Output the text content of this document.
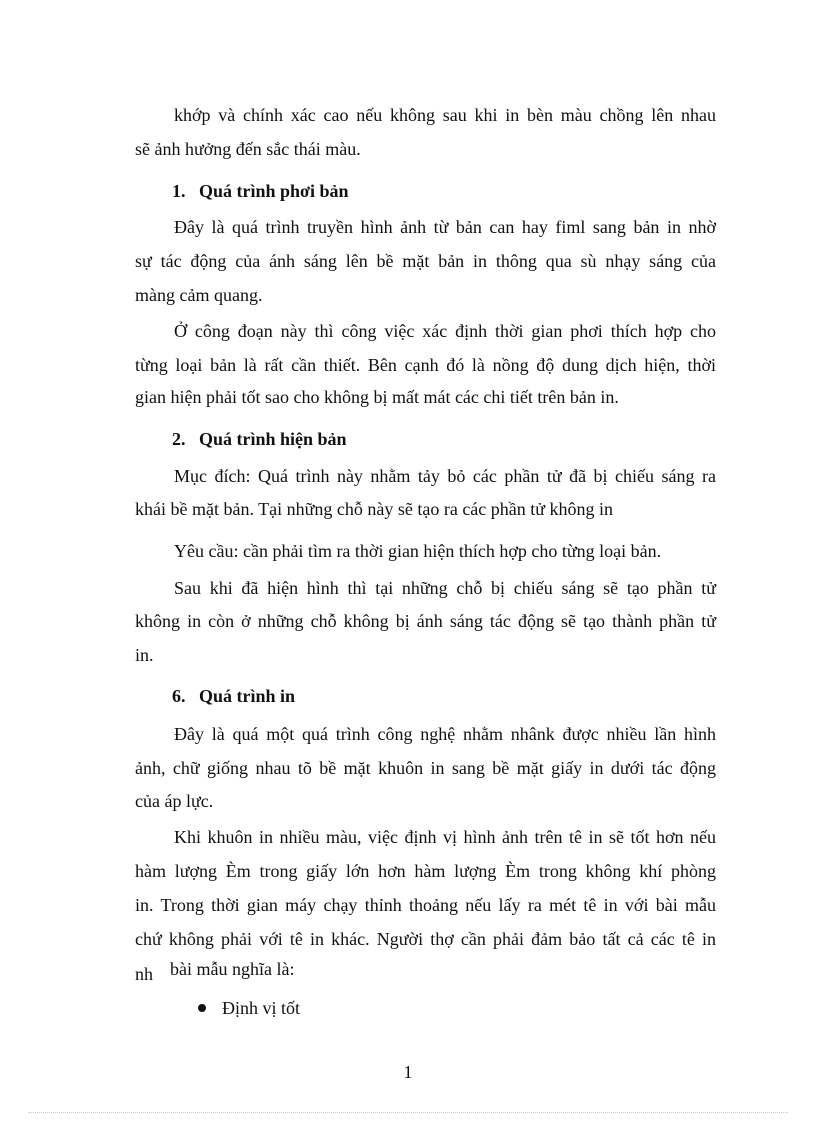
khớp và chính xác cao nếu không sau khi in bèn màu chồng lên nhau
sẽ ảnh hưởng đến sắc thái màu.
1. Quá trình phơi bản
Đây là quá trình truyền hình ảnh từ bản can hay fiml sang bản in nhờ
sự tác động của ánh sáng lên bề mặt bản in thông qua sù nhạy sáng của
màng cảm quang.
Ở công đoạn này thì công việc xác định thời gian phơi thích hợp cho
từng loại bản là rất cần thiết. Bên cạnh đó là nồng độ dung dịch hiện, thời
gian hiện phải tốt sao cho không bị mất mát các chi tiết trên bản in.
2. Quá trình hiện bản
Mục đích: Quá trình này nhằm tảy bỏ các phần tử đã bị chiếu sáng ra
khái bề mặt bản. Tại những chỗ này sẽ tạo ra các phần tử không in
Yêu cầu: cần phải tìm ra thời gian hiện thích hợp cho từng loại bản.
Sau khi đã hiện hình thì tại những chỗ bị chiếu sáng sẽ tạo phần tử
không in còn ở những chỗ không bị ánh sáng tác động sẽ tạo thành phần tử
in.
6. Quá trình in
Đây là quá một quá trình công nghệ nhằm nhânk được nhiều lần hình
ảnh, chữ giống nhau tõ bề mặt khuôn in sang bề mặt giấy in dưới tác động
của áp lực.
Khi khuôn in nhiều màu, việc định vị hình ảnh trên tê in sẽ tốt hơn nếu
hàm lượng Èm trong giấy lớn hơn hàm lượng Èm trong không khí phòng
in. Trong thời gian máy chạy thỉnh thoảng nếu lấy ra mét tê in với bài mẫu
chứ không phải với tê in khác. Người thợ cần phải đảm bảo tất cả các tê in
nh bài mẫu nghĩa là:
Định vị tốt
1
